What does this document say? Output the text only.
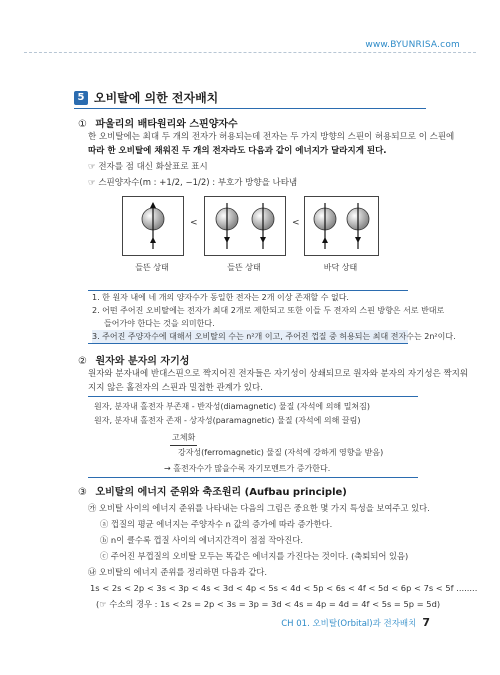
www.BYUNRISA.com
5 오비탈에 의한 전자배치
① 파울리의 배타원리와 스핀양자수
한 오비탈에는 최대 두 개의 전자가 허용되는데 전자는 두 가지 방향의 스핀이 허용되므로 이 스핀에
따라 한 오비탈에 채워진 두 개의 전자라도 다음과 같이 에너지가 달라지게 된다.
☞ 전자를 점 대신 화살표로 표시
☞ 스핀양자수(m : +1/2, −1/2) : 부호가 방향을 나타냄
<	<
들뜬 상태	들뜬 상태	바닥 상태
1. 한 원자 내에 네 개의 양자수가 동일한 전자는 2개 이상 존재할 수 없다.
2. 어떤 주어진 오비탈에는 전자가 최대 2개로 제한되고 또한 이들 두 전자의 스핀 방향은 서로 반대로
들어가야 한다는 것을 의미한다.
3. 주어진 주양자수에 대해서 오비탈의 수는 n²개 이고, 주어진 껍질 중 허용되는 최대 전자수는 2n²이다.
② 원자와 분자의 자기성
원자와 분자내에 반대스핀으로 짝지어진 전자들은 자기성이 상쇄되므로 원자와 분자의 자기성은 짝지워
지지 않은 홀전자의 스핀과 밀접한 관계가 있다.
원자, 분자내 홀전자 부존재 - 반자성(diamagnetic) 물질 (자석에 의해 밀쳐짐)
원자, 분자내 홀전자 존재 - 상자성(paramagnetic) 물질 (자석에 의해 끌림)
고체화
강자성(ferromagnetic) 물질 (자석에 강하게 영향을 받음)
→ 홀전자수가 많을수록 자기모멘트가 증가한다.
③ 오비탈의 에너지 준위와 축조원리 (Aufbau principle)
㉮ 오비탈 사이의 에너지 준위를 나타내는 다음의 그림은 중요한 몇 가지 특성을 보여주고 있다.
ⓐ 껍질의 평균 에너지는 주양자수 n 값의 증가에 따라 증가한다.
ⓑ n이 클수록 껍질 사이의 에너지간격이 점점 작아진다.
ⓒ 주어진 부껍질의 오비탈 모두는 똑같은 에너지를 가진다는 것이다. (축퇴되어 있음)
㉯ 오비탈의 에너지 준위를 정리하면 다음과 같다.
1s < 2s < 2p < 3s < 3p < 4s < 3d < 4p < 5s < 4d < 5p < 6s < 4f < 5d < 6p < 7s < 5f ........
(☞ 수소의 경우 : 1s < 2s = 2p < 3s = 3p = 3d < 4s = 4p = 4d = 4f < 5s = 5p = 5d)
CH 01. 오비탈(Orbital)과 전자배치 7
